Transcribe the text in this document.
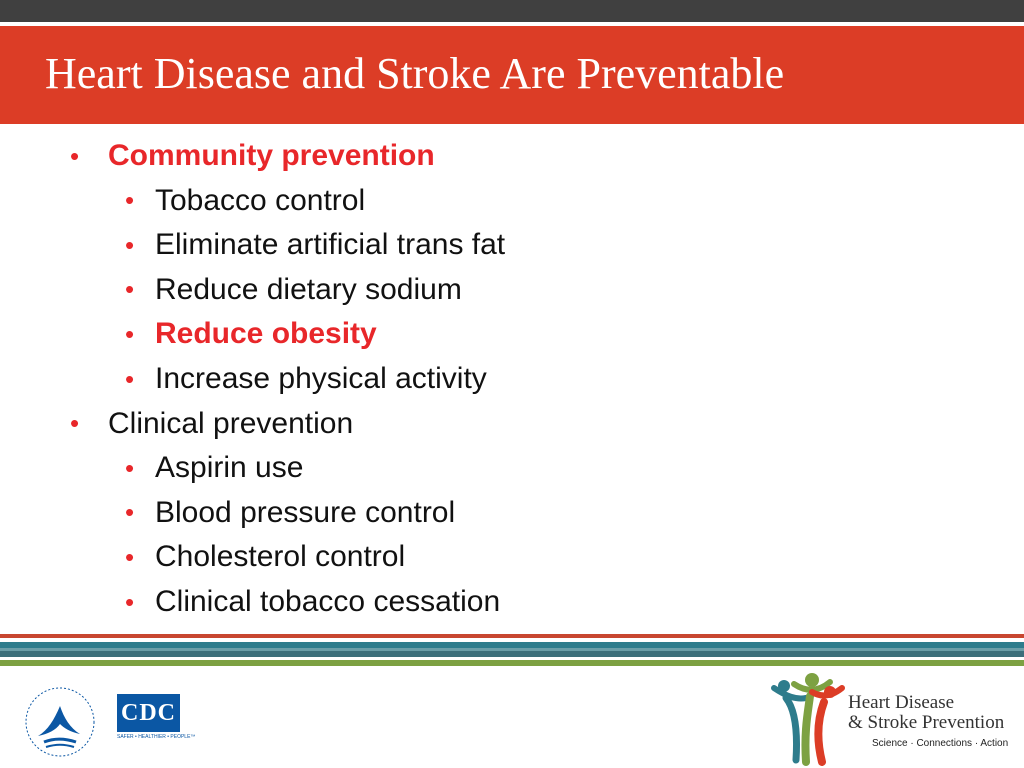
Heart Disease and Stroke Are Preventable
• Community prevention
• Tobacco control
• Eliminate artificial trans fat
• Reduce dietary sodium
• Reduce obesity
• Increase physical activity
• Clinical prevention
• Aspirin use
• Blood pressure control
• Cholesterol control
• Clinical tobacco cessation
CDC
SAFER • HEALTHIER • PEOPLE™
Heart Disease
& Stroke Prevention
Science · Connections · Action
